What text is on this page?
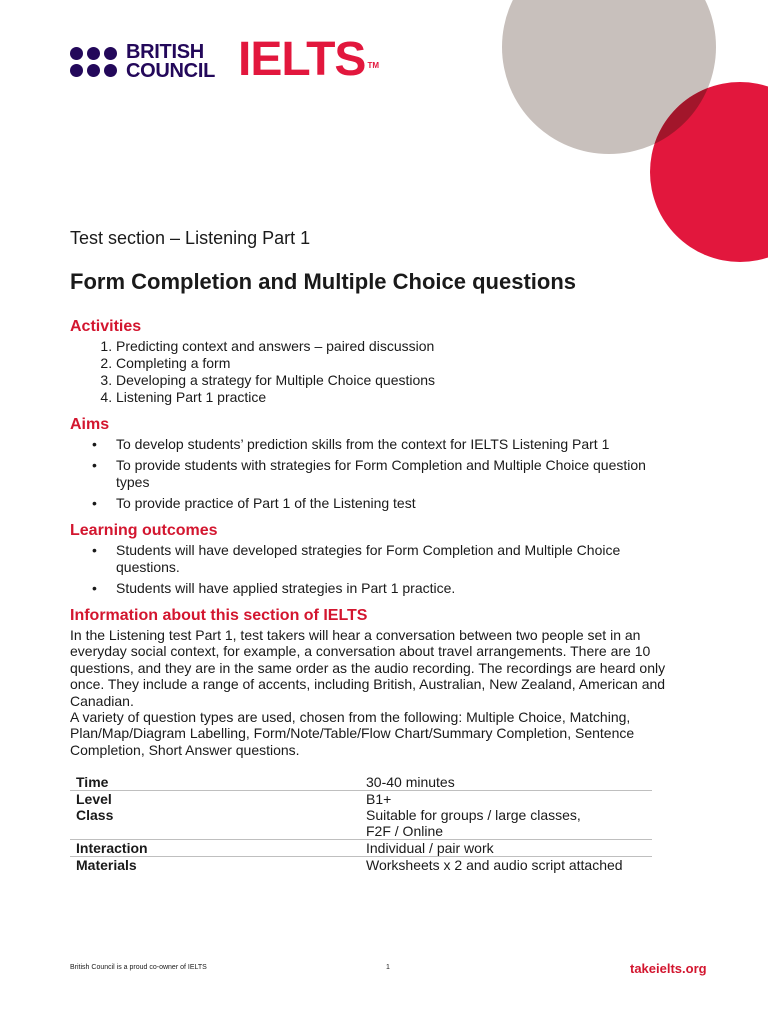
BRITISH
COUNCIL IELTS ™
Test section – Listening Part 1
Form Completion and Multiple Choice questions
Activities
1. Predicting context and answers – paired discussion
2. Completing a form
3. Developing a strategy for Multiple Choice questions
4. Listening Part 1 practice
Aims
• To develop students’ prediction skills from the context for IELTS Listening Part 1
• To provide students with strategies for Form Completion and Multiple Choice question types
• To provide practice of Part 1 of the Listening test
Learning outcomes
• Students will have developed strategies for Form Completion and Multiple Choice questions.
• Students will have applied strategies in Part 1 practice.
Information about this section of IELTS

In the Listening test Part 1, test takers will hear a conversation between two people set in an everyday social context, for example, a conversation about travel arrangements. There are 10 questions, and they are in the same order as the audio recording. The recordings are heard only once. They include a range of accents, including British, Australian, New Zealand, American and Canadian.

A variety of question types are used, chosen from the following: Multiple Choice, Matching, Plan/Map/Diagram Labelling, Form/Note/Table/Flow Chart/Summary Completion, Sentence Completion, Short Answer questions.

Time	30-40 minutes
Level	B1+
Class	Suitable for groups / large classes,
F2F / Online

Interaction	Individual / pair work
Materials	Worksheets x 2 and audio script attached
British Council is a proud co-owner of IELTS	1	takeielts.org
